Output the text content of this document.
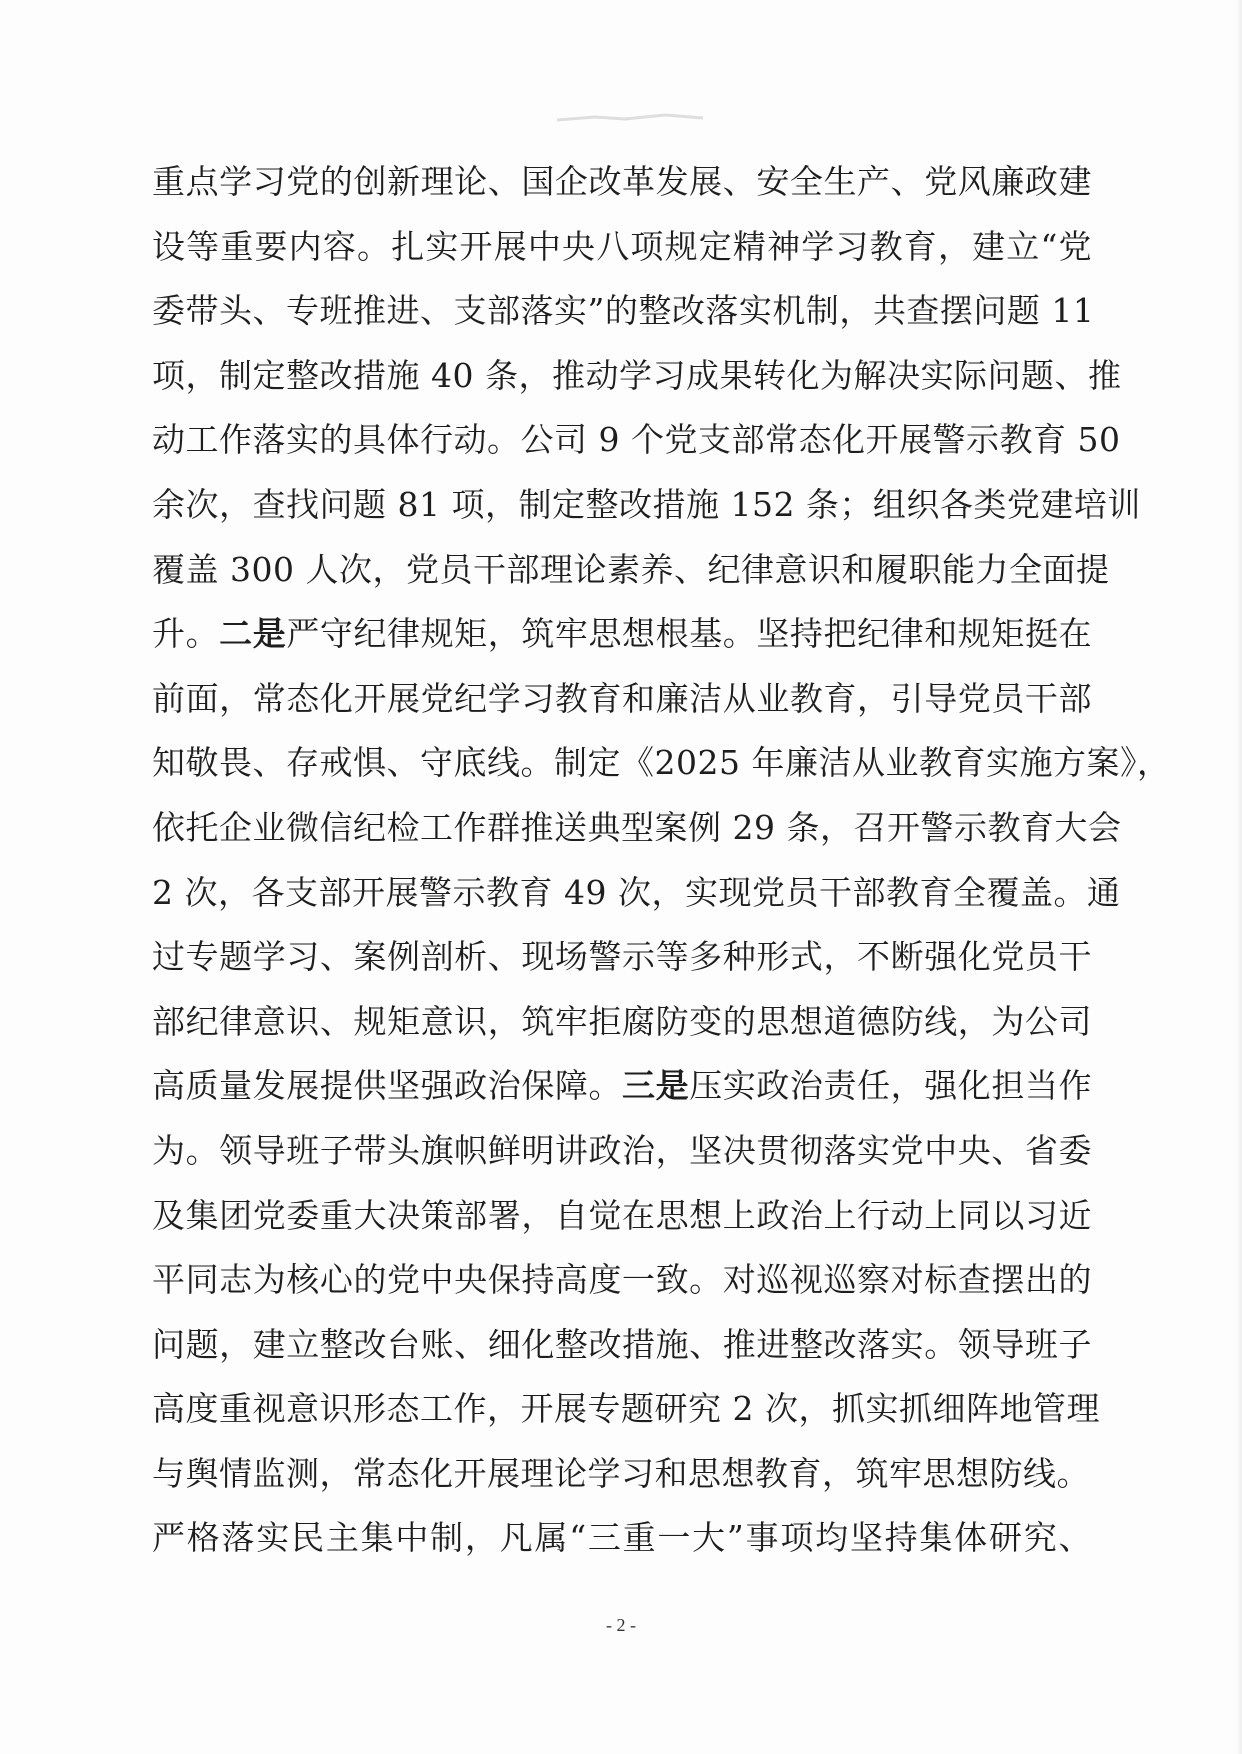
重点学习党的创新理论、国企改革发展、安全生产、党风廉政建
设等重要内容。扎实开展中央八项规定精神学习教育，建立“党
委带头、专班推进、支部落实”的整改落实机制，共查摆问题 11
项，制定整改措施 40 条，推动学习成果转化为解决实际问题、推
动工作落实的具体行动。公司 9 个党支部常态化开展警示教育 50
余次，查找问题 81 项，制定整改措施 152 条；组织各类党建培训
覆盖 300 人次，党员干部理论素养、纪律意识和履职能力全面提
升。二是严守纪律规矩，筑牢思想根基。坚持把纪律和规矩挺在
前面，常态化开展党纪学习教育和廉洁从业教育，引导党员干部
知敬畏、存戒惧、守底线。制定《2025 年廉洁从业教育实施方案》，
依托企业微信纪检工作群推送典型案例 29 条，召开警示教育大会
2 次，各支部开展警示教育 49 次，实现党员干部教育全覆盖。通
过专题学习、案例剖析、现场警示等多种形式，不断强化党员干
部纪律意识、规矩意识，筑牢拒腐防变的思想道德防线，为公司
高质量发展提供坚强政治保障。三是压实政治责任，强化担当作
为。领导班子带头旗帜鲜明讲政治，坚决贯彻落实党中央、省委
及集团党委重大决策部署，自觉在思想上政治上行动上同以习近
平同志为核心的党中央保持高度一致。对巡视巡察对标查摆出的
问题，建立整改台账、细化整改措施、推进整改落实。领导班子
高度重视意识形态工作，开展专题研究 2 次，抓实抓细阵地管理
与舆情监测，常态化开展理论学习和思想教育，筑牢思想防线。
严格落实民主集中制，凡属“三重一大”事项均坚持集体研究、
- 2 -
